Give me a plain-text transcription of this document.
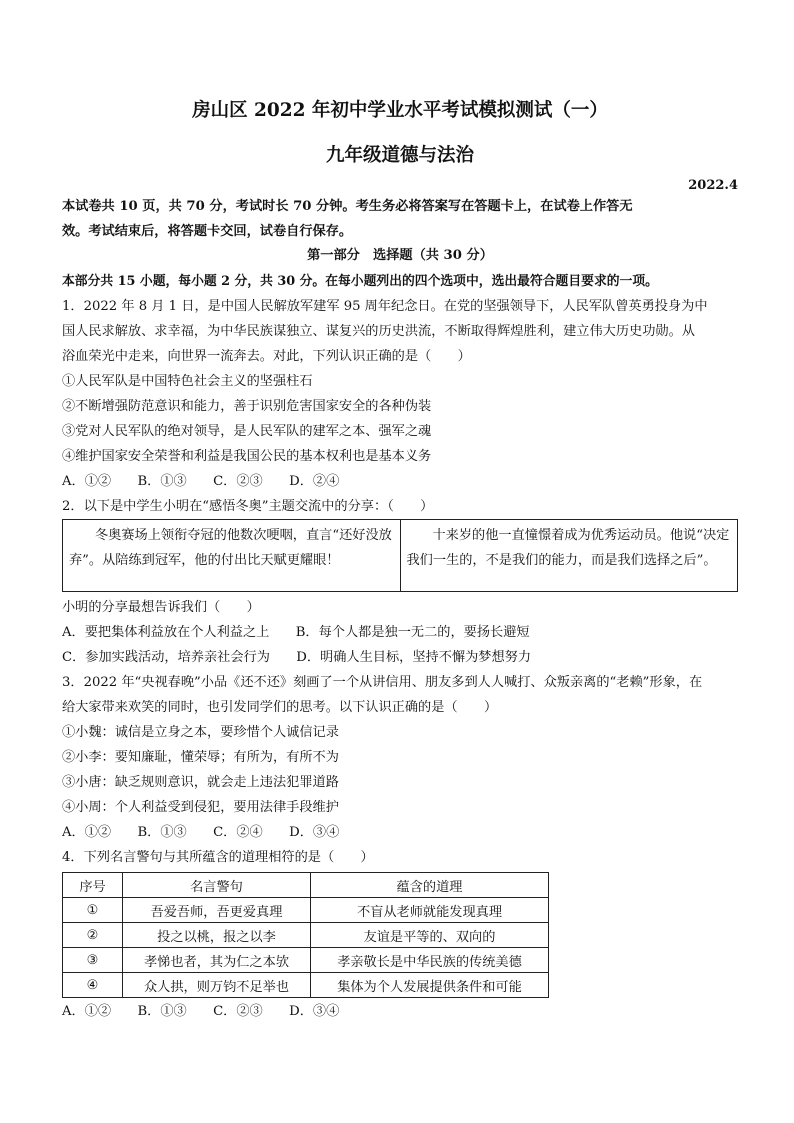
房山区 2022 年初中学业水平考试模拟测试（一）
九年级道德与法治
2022.4
本试卷共 10 页，共 70 分，考试时长 70 分钟。考生务必将答案写在答题卡上，在试卷上作答无
效。考试结束后，将答题卡交回，试卷自行保存。
第一部分　选择题（共 30 分）
本部分共 15 小题，每小题 2 分，共 30 分。在每小题列出的四个选项中，选出最符合题目要求的一项。
1．2022 年 8 月 1 日，是中国人民解放军建军 95 周年纪念日。在党的坚强领导下，人民军队曾英勇投身为中
国人民求解放、求幸福，为中华民族谋独立、谋复兴的历史洪流，不断取得辉煌胜利，建立伟大历史功勋。从
浴血荣光中走来，向世界一流奔去。对此，下列认识正确的是（　　）
①人民军队是中国特色社会主义的坚强柱石
②不断增强防范意识和能力，善于识别危害国家安全的各种伪装
③党对人民军队的绝对领导，是人民军队的建军之本、强军之魂
④维护国家安全荣誉和利益是我国公民的基本权利也是基本义务
A．①②　　B．①③　　C．②③　　D．②④
2．以下是中学生小明在“感悟冬奥”主题交流中的分享：（　　）
冬奥赛场上领衔夺冠的他数次哽咽，直言“还好没放弃”。从陪练到冠军，他的付出比天赋更耀眼！	十来岁的他一直憧憬着成为优秀运动员。他说“决定我们一生的，不是我们的能力，而是我们选择之后”。
小明的分享最想告诉我们（　　）
A．要把集体利益放在个人利益之上　　B．每个人都是独一无二的，要扬长避短
C．参加实践活动，培养亲社会行为　　D．明确人生目标，坚持不懈为梦想努力
3．2022 年“央视春晚”小品《还不还》刻画了一个从讲信用、朋友多到人人喊打、众叛亲离的“老赖”形象，在
给大家带来欢笑的同时，也引发同学们的思考。以下认识正确的是（　　）
①小魏：诚信是立身之本，要珍惜个人诚信记录
②小李：要知廉耻，懂荣辱；有所为，有所不为
③小唐：缺乏规则意识，就会走上违法犯罪道路
④小周：个人利益受到侵犯，要用法律手段维护
A．①②　　B．①③　　C．②④　　D．③④
4．下列名言警句与其所蕴含的道理相符的是（　　）
序号	名言警句	蕴含的道理
①	吾爱吾师，吾更爱真理	不盲从老师就能发现真理
②	投之以桃，报之以李	友谊是平等的、双向的
③	孝悌也者，其为仁之本欤	孝亲敬长是中华民族的传统美德
④	众人拱，则万钧不足举也	集体为个人发展提供条件和可能
A．①②　　B．①③　　C．②③　　D．③④
